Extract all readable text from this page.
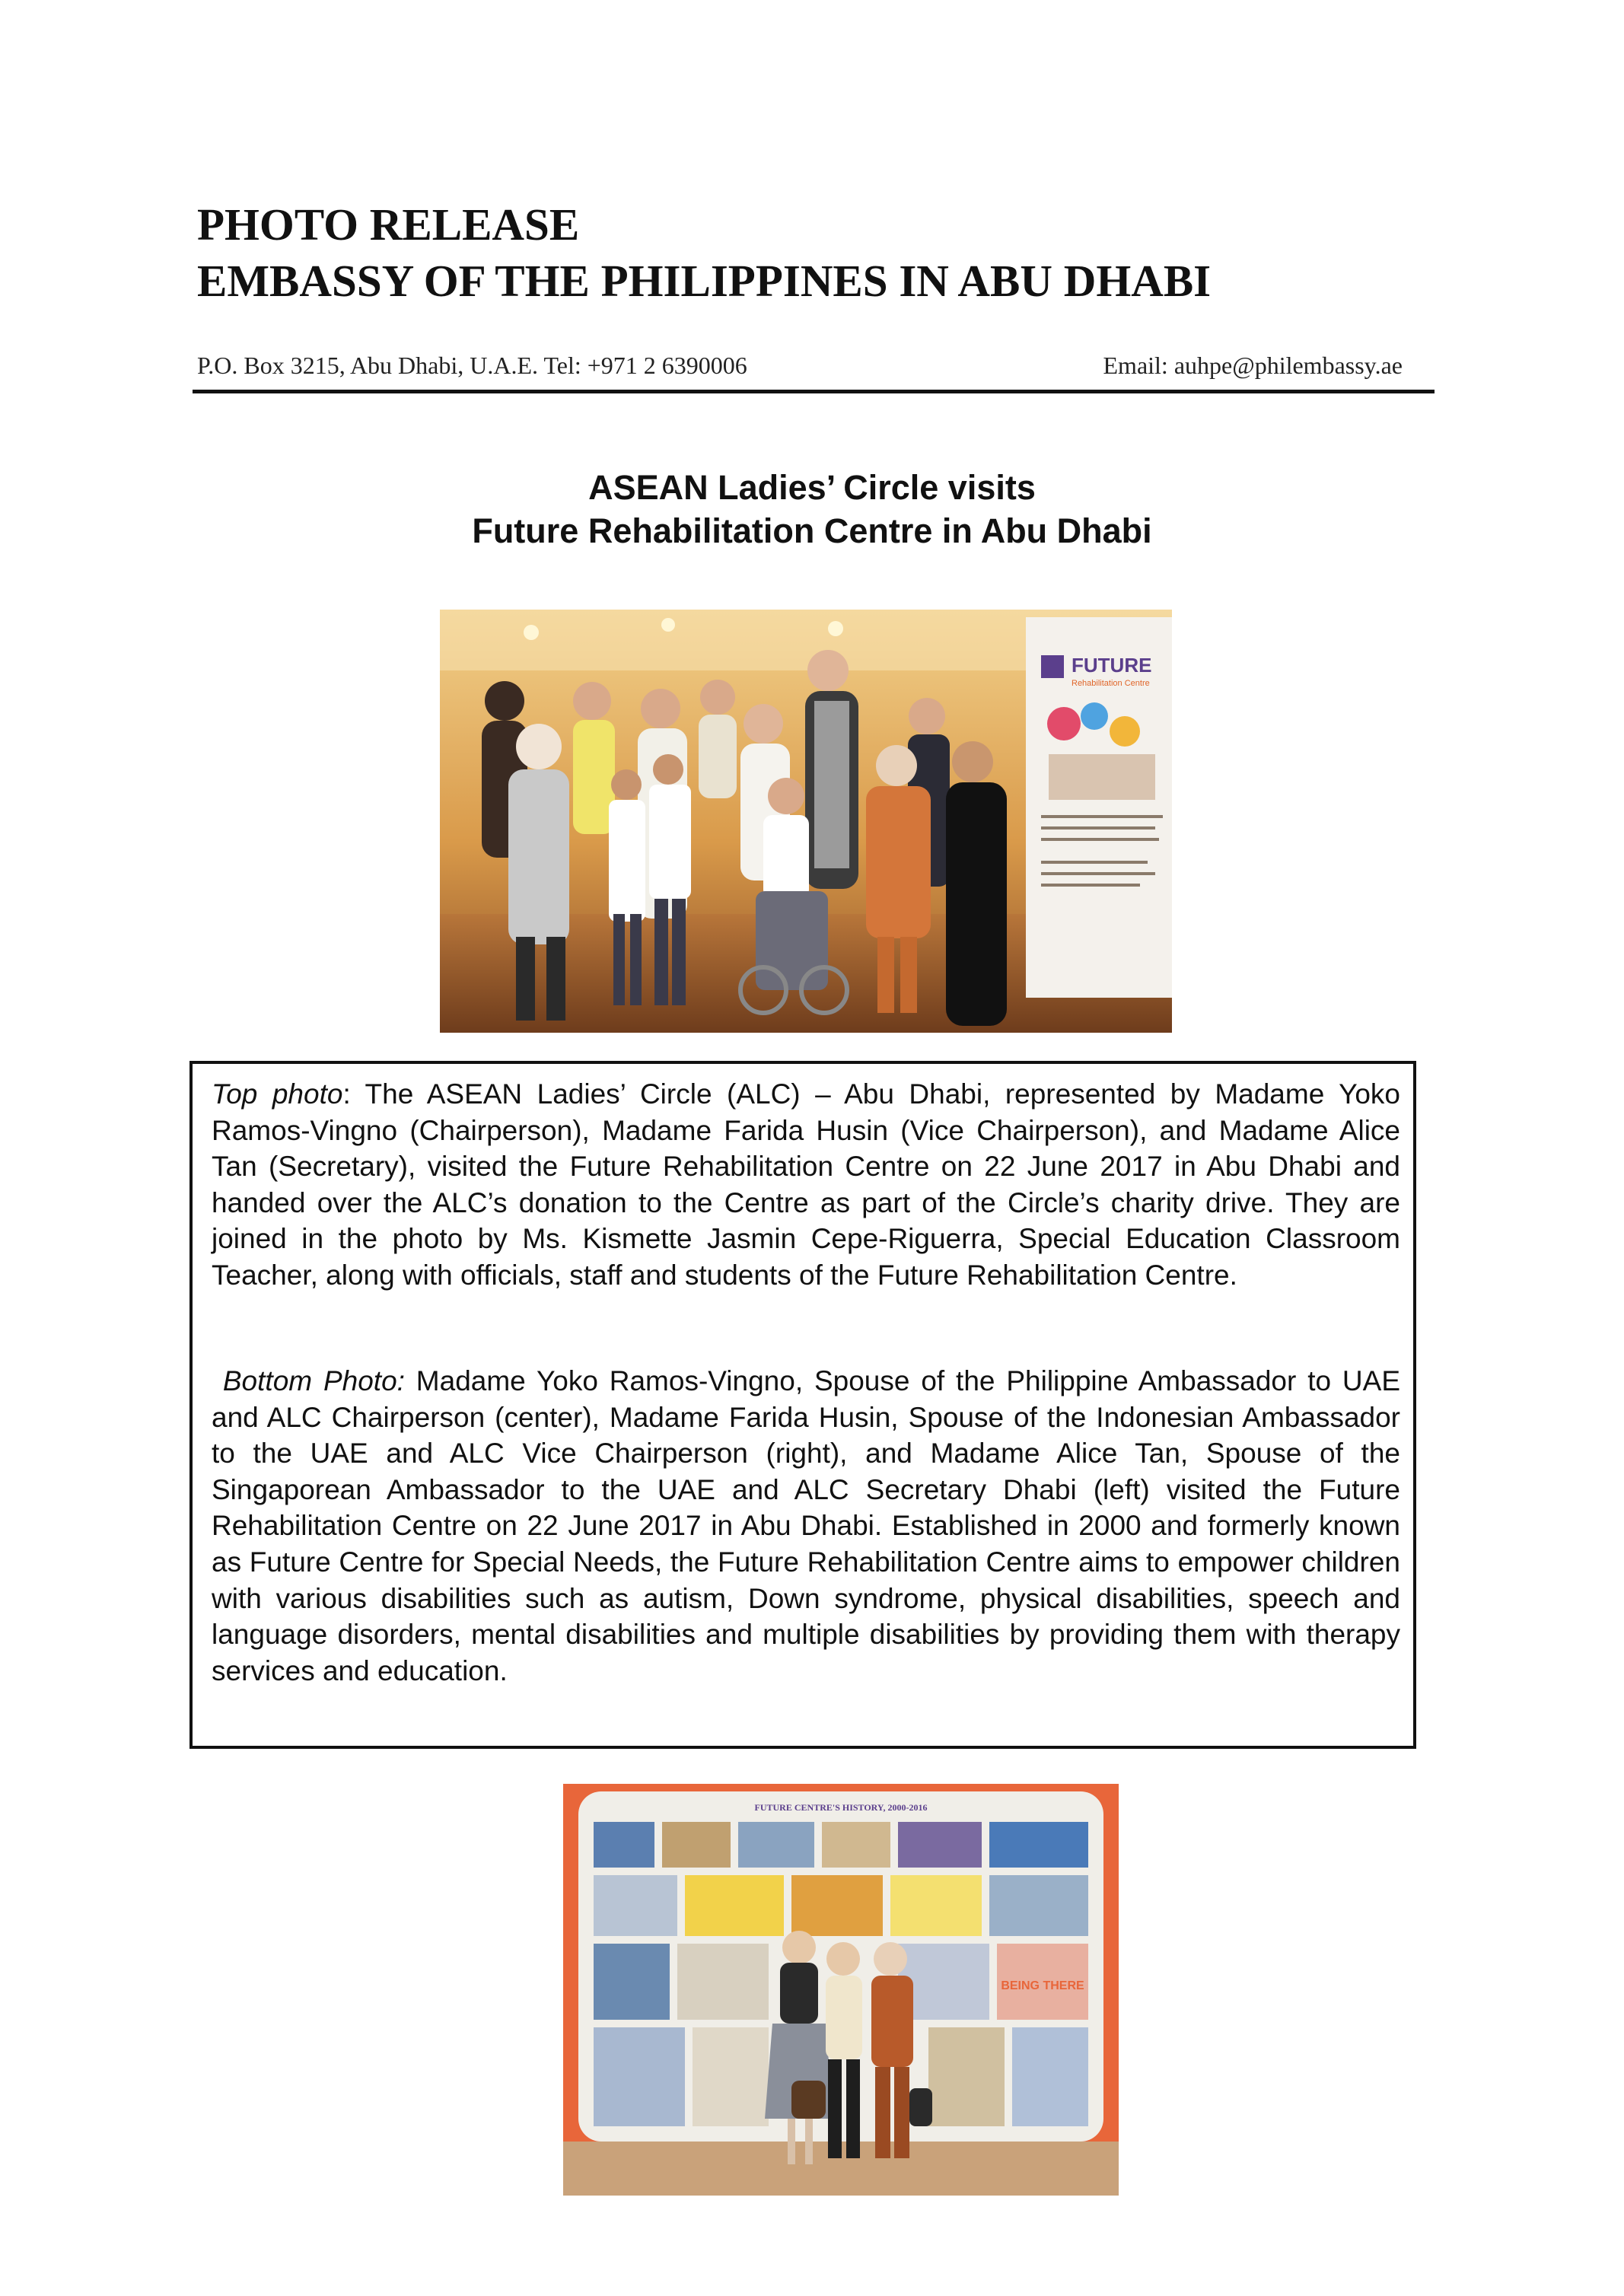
PHOTO RELEASE
EMBASSY OF THE PHILIPPINES IN ABU DHABI
P.O. Box 3215, Abu Dhabi, U.A.E. Tel: +971 2 6390006	Email: auhpe@philembassy.ae
ASEAN Ladies’ Circle visits
Future Rehabilitation Centre in Abu Dhabi
FUTURE
Rehabilitation Centre

Top photo: The ASEAN Ladies’ Circle (ALC) – Abu Dhabi, represented by Madame Yoko Ramos-Vingno (Chairperson), Madame Farida Husin (Vice Chairperson), and Madame Alice Tan (Secretary), visited the Future Rehabilitation Centre on 22 June 2017 in Abu Dhabi and handed over the ALC’s donation to the Centre as part of the Circle’s charity drive. They are joined in the photo by Ms. Kismette Jasmin Cepe-Riguerra, Special Education Classroom Teacher, along with officials, staff and students of the Future Rehabilitation Centre.

Bottom Photo: Madame Yoko Ramos-Vingno, Spouse of the Philippine Ambassador to UAE and ALC Chairperson (center), Madame Farida Husin, Spouse of the Indonesian Ambassador to the UAE and ALC Vice Chairperson (right), and Madame Alice Tan, Spouse of the Singaporean Ambassador to the UAE and ALC Secretary Dhabi (left) visited the Future Rehabilitation Centre on 22 June 2017 in Abu Dhabi. Established in 2000 and formerly known as Future Centre for Special Needs, the Future Rehabilitation Centre aims to empower children with various disabilities such as autism, Down syndrome, physical disabilities, speech and language disorders, mental disabilities and multiple disabilities by providing them with therapy services and education.

FUTURE CENTRE'S HISTORY, 2000-2016
BEING THERE
